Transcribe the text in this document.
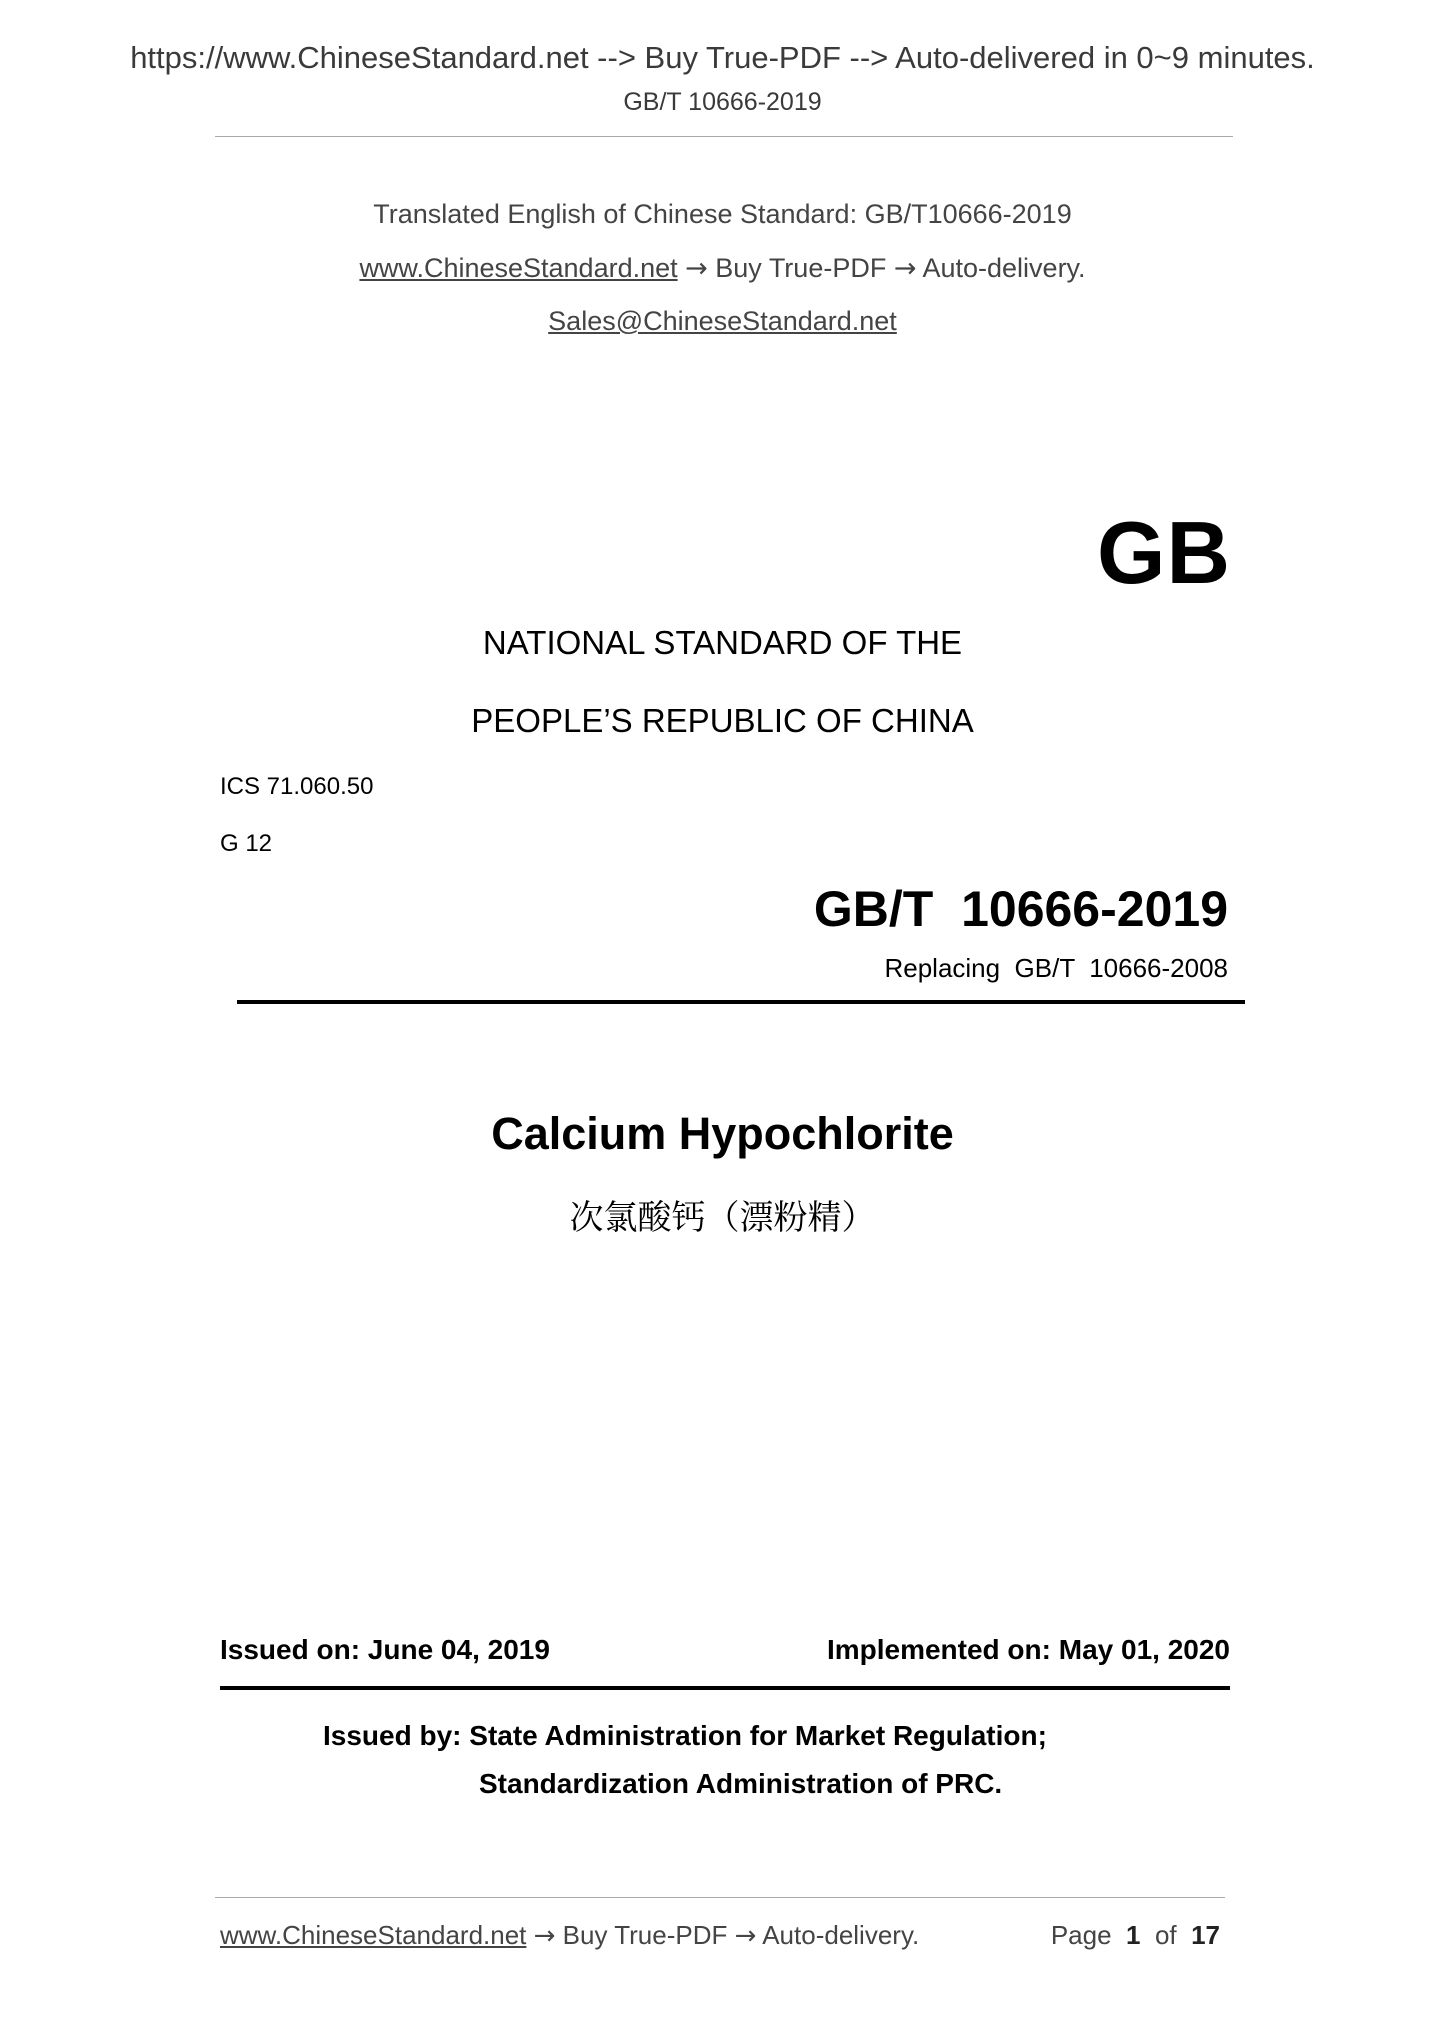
https://www.ChineseStandard.net --> Buy True-PDF --> Auto-delivered in 0~9 minutes.
GB/T 10666-2019
Translated English of Chinese Standard: GB/T10666-2019
www.ChineseStandard.net → Buy True-PDF → Auto-delivery.
Sales@ChineseStandard.net
GB
NATIONAL STANDARD OF THE
PEOPLE’S REPUBLIC OF CHINA
ICS 71.060.50
G 12
GB/T  10666-2019
Replacing  GB/T  10666-2008
Calcium Hypochlorite
次氯酸钙（漂粉精）
Issued on: June 04, 2019	Implemented on: May 01, 2020
Issued by: State Administration for Market Regulation;
Standardization Administration of PRC.
www.ChineseStandard.net → Buy True-PDF → Auto-delivery.	Page 1 of 17
